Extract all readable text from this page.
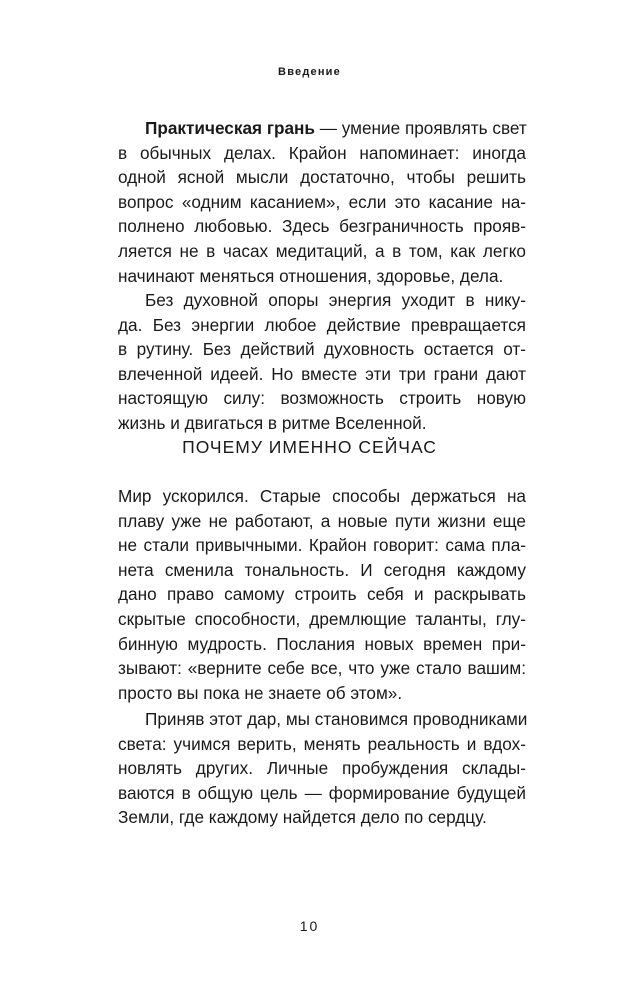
Введение

Практическая грань — умение проявлять свет
в обычных делах. Крайон напоминает: иногда
одной ясной мысли достаточно, чтобы решить
вопрос «одним касанием», если это касание на-
полнено любовью. Здесь безграничность прояв-
ляется не в часах медитаций, а в том, как легко
начинают меняться отношения, здоровье, дела.

Без духовной опоры энергия уходит в нику-
да. Без энергии любое действие превращается
в рутину. Без действий духовность остается от-
влеченной идеей. Но вместе эти три грани дают
настоящую силу: возможность строить новую
жизнь и двигаться в ритме Вселенной.

ПОЧЕМУ ИМЕННО СЕЙЧАС

Мир ускорился. Старые способы держаться на
плаву уже не работают, а новые пути жизни еще
не стали привычными. Крайон говорит: сама пла-
нета сменила тональность. И сегодня каждому
дано право самому строить себя и раскрывать
скрытые способности, дремлющие таланты, глу-
бинную мудрость. Послания новых времен при-
зывают: «верните себе все, что уже стало вашим:
просто вы пока не знаете об этом».

Приняв этот дар, мы становимся проводниками
света: учимся верить, менять реальность и вдох-
новлять других. Личные пробуждения склады-
ваются в общую цель — формирование будущей
Земли, где каждому найдется дело по сердцу.

10
